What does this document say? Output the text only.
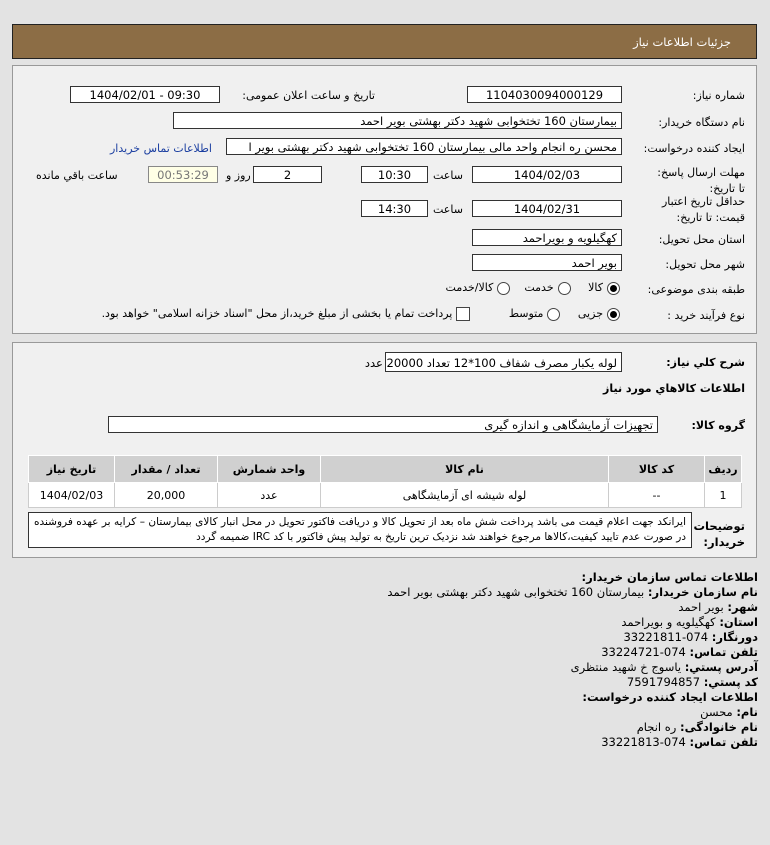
جزئیات اطلاعات نیاز
شماره نیاز:
1104030094000129
تاریخ و ساعت اعلان عمومی:
1404/02/01 - 09:30
نام دستگاه خریدار:
بیمارستان 160 تختخوابی شهید دکتر بهشتی بویر احمد
ایجاد کننده درخواست:
محسن ره انجام واحد مالی بیمارستان 160 تختخوابی شهید دکتر بهشتی بویر ا
اطلاعات تماس خریدار
مهلت ارسال پاسخ: تا تاریخ:
1404/02/03
ساعت
10:30
2
روز و
00:53:29
ساعت باقي مانده
حداقل تاریخ اعتبار قیمت: تا تاریخ:
1404/02/31
ساعت
14:30
استان محل تحویل:
کهگیلویه و بویراحمد
شهر محل تحویل:
بویر احمد
طبقه بندی موضوعی:
کالا     خدمت    کالا/خدمت
نوع فرآیند خرید :
جزیی     متوسط           پرداخت تمام یا بخشی از مبلغ خرید،از محل "اسناد خزانه اسلامی" خواهد بود.
شرح کلي نياز:
لوله یکبار مصرف شفاف 100*12 تعداد 20000 عدد
اطلاعات کالاهاي مورد نياز
گروه کالا:
تجهیزات آزمایشگاهی و اندازه گیری
ردیف	کد کالا	نام کالا	واحد شمارش	تعداد / مقدار	تاریخ نیاز
1	--	لوله شیشه ای آزمایشگاهی	عدد	20,000	1404/02/03
توضیحات خریدار:
ایرانکد جهت اعلام قیمت می باشد پرداخت شش ماه بعد از تحویل کالا و دریافت فاکتور تحویل در محل انبار کالای بیمارستان – کرایه بر عهده فروشنده در صورت عدم تایید کیفیت،کالاها مرجوع خواهند شد نزدیک ترین تاریخ به تولید پیش فاکتور با کد IRC ضمیمه گردد
اطلاعات تماس سازمان خریدار:
نام سازمان خریدار: بیمارستان 160 تختخوابی شهید دکتر بهشتی بویر احمد
شهر: بویر احمد
استان: کهگیلویه و بویراحمد
دورنگار: 074-33221811
تلفن تماس: 074-33224721
آدرس پستي: یاسوج خ شهید منتظری
کد پستي: 7591794857
اطلاعات ایجاد کننده درخواست:
نام: محسن
نام خانوادگی: ره انجام
تلفن تماس: 074-33221813
